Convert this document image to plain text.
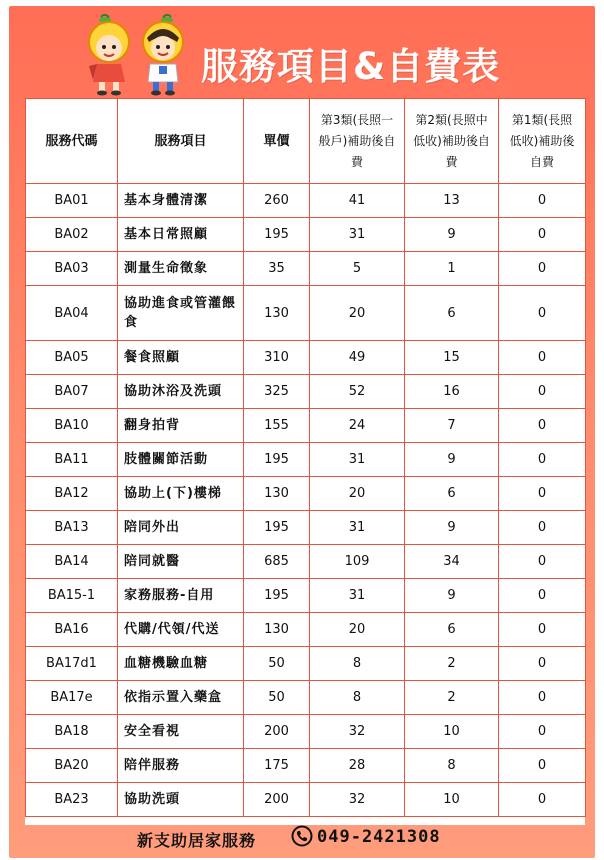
服務項目&自費表
服務代碼	服務項目	單價	第3類(長照一般戶)補助後自費	第2類(長照中低收)補助後自費	第1類(長照低收)補助後自費

BA01	基本身體清潔	260	41	13	0
BA02	基本日常照顧	195	31	9	0
BA03	測量生命徵象	35	5	1	0
BA04	協助進食或管灌餵食	130	20	6	0
BA05	餐食照顧	310	49	15	0
BA07	協助沐浴及洗頭	325	52	16	0
BA10	翻身拍背	155	24	7	0
BA11	肢體關節活動	195	31	9	0
BA12	協助上(下)樓梯	130	20	6	0
BA13	陪同外出	195	31	9	0
BA14	陪同就醫	685	109	34	0
BA15-1	家務服務-自用	195	31	9	0
BA16	代購/代領/代送	130	20	6	0
BA17d1	血糖機驗血糖	50	8	2	0
BA17e	依指示置入藥盒	50	8	2	0
BA18	安全看視	200	32	10	0
BA20	陪伴服務	175	28	8	0
BA23	協助洗頭	200	32	10	0
新支助居家服務	049-2421308
